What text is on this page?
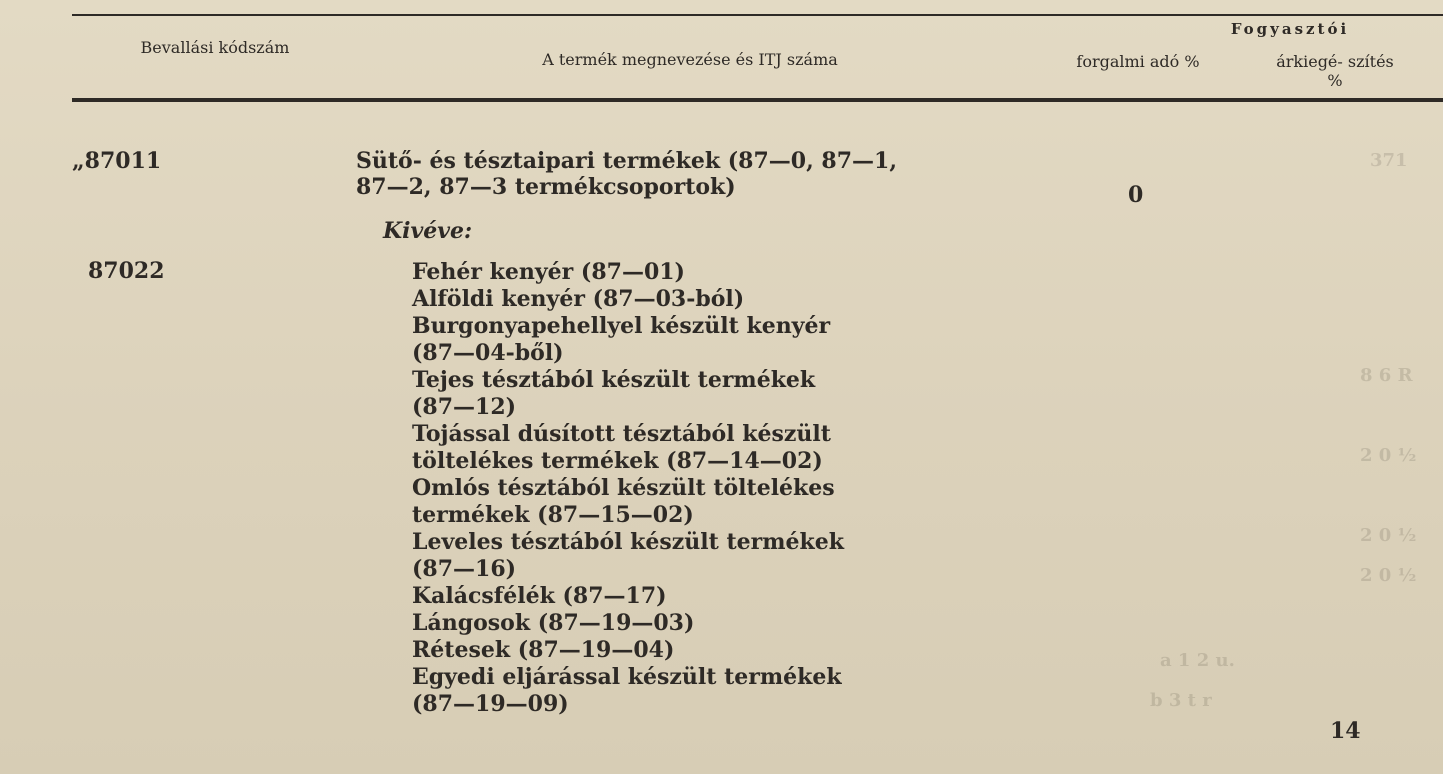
371
8 6 R
2 0 ½
2 0 ½
2 0 ½
a 1 2 u.
b 3 t r
Bevallási kódszám
A termék megnevezése és ITJ száma
Fogyasztói
forgalmi adó %	árkiegé- szítés %
„87011	Sütő- és tésztaipari termékek (87—0, 87—1,
87—2, 87—3 termékcsoportok)	0
Kivéve:
87022	Fehér kenyér (87—01)
Alföldi kenyér (87—03-ból)
Burgonyapehellyel készült kenyér
(87—04-ből)
Tejes tésztából készült termékek
(87—12)
Tojással dúsított tésztából készült
töltelékes termékek (87—14—02)
Omlós tésztából készült töltelékes
termékek (87—15—02)
Leveles tésztából készült termékek
(87—16)
Kalácsfélék (87—17)
Lángosok (87—19—03)
Rétesek (87—19—04)
Egyedi eljárással készült termékek
(87—19—09)
14
